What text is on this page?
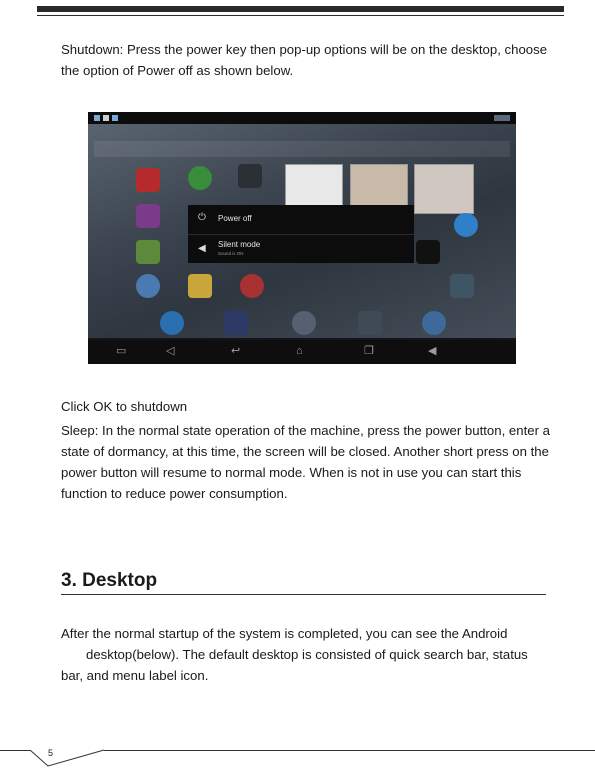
Shutdown: Press the power key then pop-up options will be on the desktop, choose the option of Power off as shown below.

⏻ Power off
◀ Silent mode
Sound is ON
▭	◁	↩	⌂	❐	◀

Click OK to shutdown

Sleep: In the normal state operation of the machine, press the power button, enter a state of dormancy, at this time, the screen will be closed. Another short press on the power button will resume to normal mode. When is not in use you can start this function to reduce power consumption.

3. Desktop

After the normal startup of the system is completed, you can see the Android
desktop(below). The default desktop is consisted of quick search bar, status bar, and menu label icon.

5
